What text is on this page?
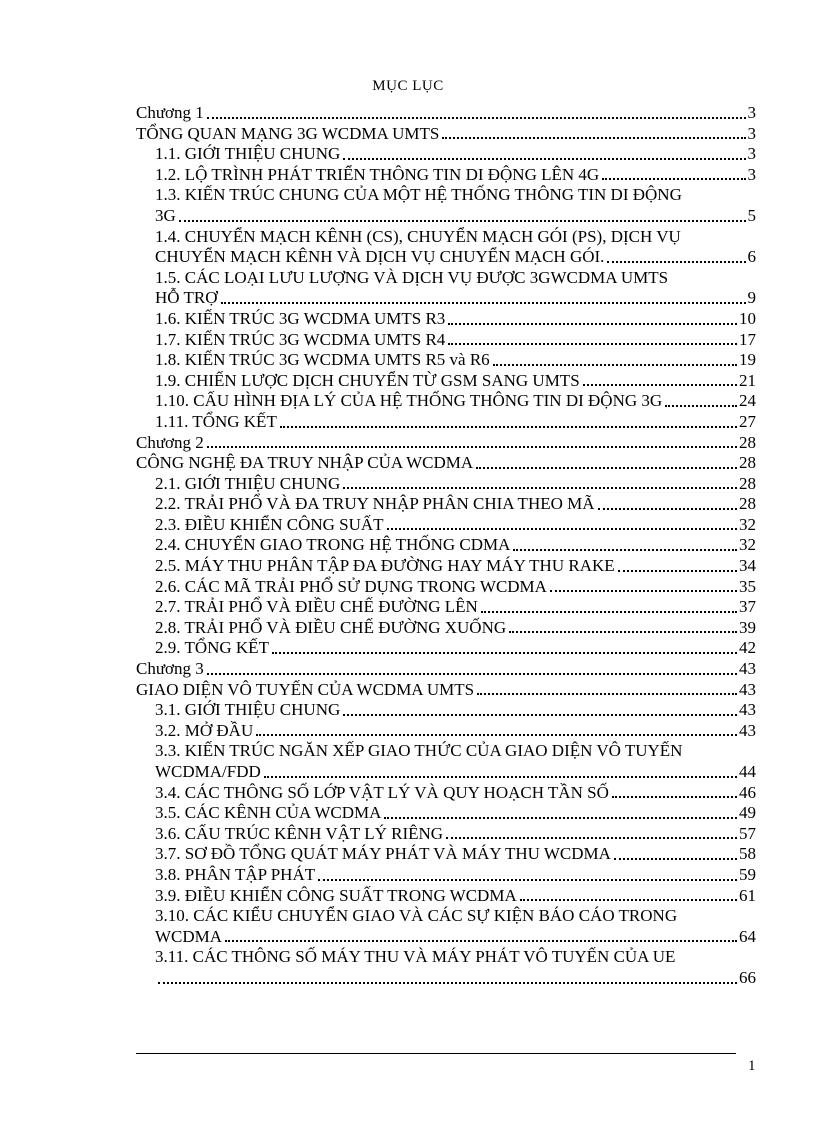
MỤC LỤC
Chương 1	3
TỔNG QUAN MẠNG 3G WCDMA UMTS	3
1.1. GIỚI THIỆU CHUNG	3
1.2. LỘ TRÌNH PHÁT TRIỂN THÔNG TIN DI ĐỘNG LÊN 4G	3
1.3. KIẾN TRÚC CHUNG CỦA MỘT HỆ THỐNG THÔNG TIN DI ĐỘNG
3G	5
1.4. CHUYỂN MẠCH KÊNH (CS), CHUYỂN MẠCH GÓI (PS), DỊCH VỤ
CHUYỂN MẠCH KÊNH VÀ DỊCH VỤ CHUYỂN MẠCH GÓI.	6
1.5. CÁC LOẠI LƯU LƯỢNG VÀ DỊCH VỤ ĐƯỢC 3GWCDMA UMTS
HỖ TRỢ	9
1.6. KIẾN TRÚC 3G WCDMA UMTS R3	10
1.7. KIẾN TRÚC 3G WCDMA UMTS R4	17
1.8. KIẾN TRÚC 3G WCDMA UMTS R5 và R6	19
1.9. CHIẾN LƯỢC DỊCH CHUYỂN TỪ GSM SANG UMTS	21
1.10. CẤU HÌNH ĐỊA LÝ CỦA HỆ THỐNG THÔNG TIN DI ĐỘNG 3G	24
1.11. TỔNG KẾT	27
Chương 2	28
CÔNG NGHỆ ĐA TRUY NHẬP CỦA WCDMA	28
2.1. GIỚI THIỆU CHUNG	28
2.2. TRẢI PHỔ VÀ ĐA TRUY NHẬP PHÂN CHIA THEO MÃ	28
2.3. ĐIỀU KHIỂN CÔNG SUẤT	32
2.4. CHUYỂN GIAO TRONG HỆ THỐNG CDMA	32
2.5. MÁY THU PHÂN TẬP ĐA ĐƯỜNG HAY MÁY THU RAKE	34
2.6. CÁC MÃ TRẢI PHỔ SỬ DỤNG TRONG WCDMA	35
2.7. TRẢI PHỔ VÀ ĐIỀU CHẾ ĐƯỜNG LÊN	37
2.8. TRẢI PHỔ VÀ ĐIỀU CHẾ ĐƯỜNG XUỐNG	39
2.9. TỔNG KẾT	42
Chương 3	43
GIAO DIỆN VÔ TUYẾN CỦA WCDMA UMTS	43
3.1. GIỚI THIỆU CHUNG	43
3.2. MỞ ĐẦU	43
3.3. KIẾN TRÚC NGĂN XẾP GIAO THỨC CỦA GIAO DIỆN VÔ TUYẾN
WCDMA/FDD	44
3.4. CÁC THÔNG SỐ LỚP VẬT LÝ VÀ QUY HOẠCH TẦN SỐ	46
3.5. CÁC KÊNH CỦA WCDMA	49
3.6. CẤU TRÚC KÊNH VẬT LÝ RIÊNG	57
3.7. SƠ ĐỒ TỔNG QUÁT MÁY PHÁT VÀ MÁY THU WCDMA	58
3.8. PHÂN TẬP PHÁT	59
3.9. ĐIỀU KHIỂN CÔNG SUẤT TRONG WCDMA	61
3.10. CÁC KIỂU CHUYỂN GIAO VÀ CÁC SỰ KIỆN BÁO CÁO TRONG
WCDMA	64
3.11. CÁC THÔNG SỐ MÁY THU VÀ MÁY PHÁT VÔ TUYẾN CỦA UE
66
1
